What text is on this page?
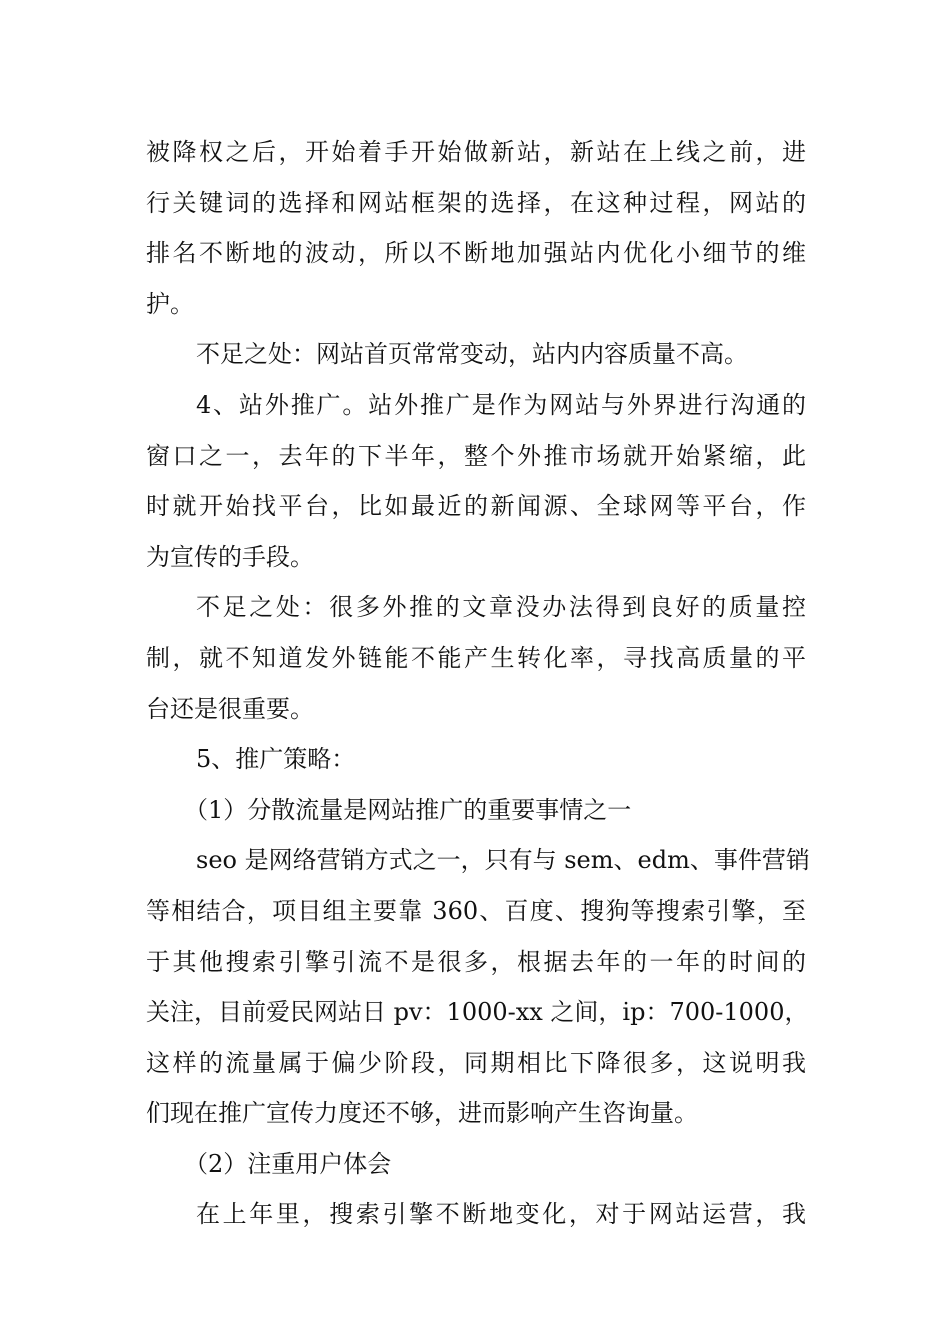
被降权之后，开始着手开始做新站，新站在上线之前，进
行关键词的选择和网站框架的选择，在这种过程，网站的
排名不断地的波动，所以不断地加强站内优化小细节的维
护。
不足之处：网站首页常常变动，站内内容质量不高。
4、站外推广。站外推广是作为网站与外界进行沟通的
窗口之一，去年的下半年，整个外推市场就开始紧缩，此
时就开始找平台，比如最近的新闻源、全球网等平台，作
为宣传的手段。
不足之处：很多外推的文章没办法得到良好的质量控
制，就不知道发外链能不能产生转化率，寻找高质量的平
台还是很重要。
5、推广策略：
（1）分散流量是网站推广的重要事情之一
seo 是网络营销方式之一，只有与 sem、edm、事件营销
等相结合，项目组主要靠 360、百度、搜狗等搜索引擎，至
于其他搜索引擎引流不是很多，根据去年的一年的时间的
关注，目前爱民网站日 pv：1000-xx 之间，ip：700-1000，
这样的流量属于偏少阶段，同期相比下降很多，这说明我
们现在推广宣传力度还不够，进而影响产生咨询量。
（2）注重用户体会
在上年里，搜索引擎不断地变化，对于网站运营，我
